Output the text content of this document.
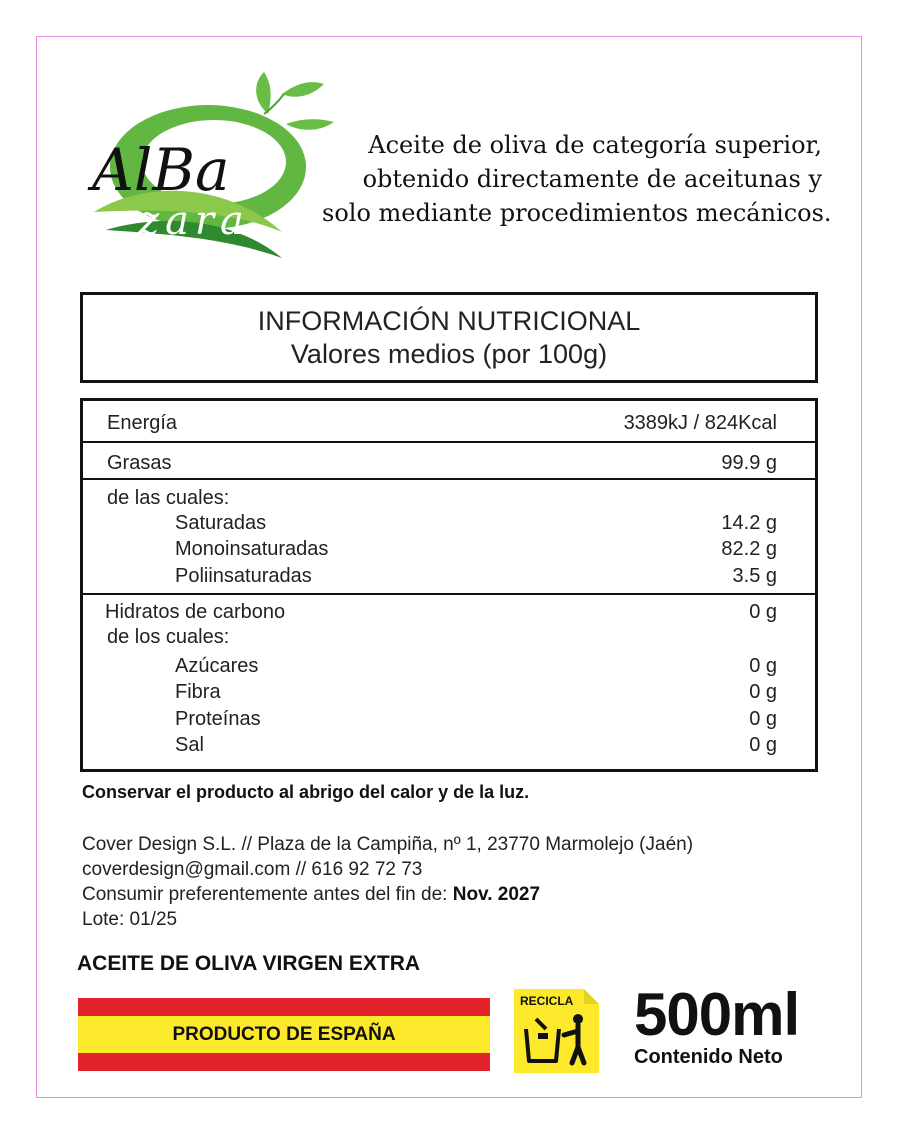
AlBa
zara
Aceite de oliva de categoría superior,
obtenido directamente de aceitunas y
solo mediante procedimientos mecánicos.
INFORMACIÓN NUTRICIONAL
Valores medios (por 100g)
Energía	3389kJ / 824Kcal
Grasas	99.9 g
de las cuales:
Saturadas	14.2 g
Monoinsaturadas	82.2 g
Poliinsaturadas	3.5 g
Hidratos de carbono	0 g
de los cuales:
Azúcares	0 g
Fibra	0 g
Proteínas	0 g
Sal	0 g
Conservar el producto al abrigo del calor y de la luz.
Cover Design S.L. // Plaza de la Campiña, nº 1, 23770 Marmolejo (Jaén)
coverdesign@gmail.com // 616 92 72 73
Consumir preferentemente antes del fin de: Nov. 2027
Lote: 01/25
ACEITE DE OLIVA VIRGEN EXTRA
PRODUCTO DE ESPAÑA
RECICLA 500ml
Contenido Neto
